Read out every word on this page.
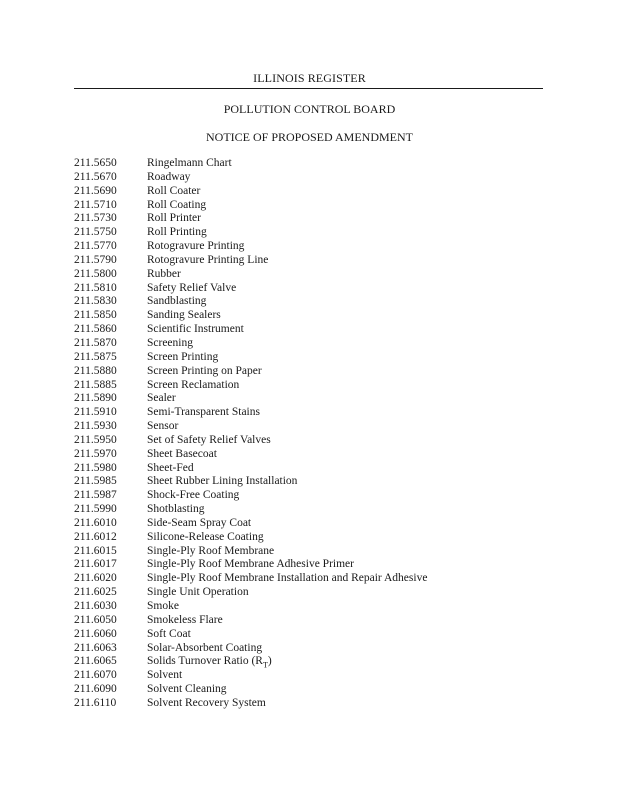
ILLINOIS REGISTER
POLLUTION CONTROL BOARD
NOTICE OF PROPOSED AMENDMENT
211.5650	Ringelmann Chart
211.5670	Roadway
211.5690	Roll Coater
211.5710	Roll Coating
211.5730	Roll Printer
211.5750	Roll Printing
211.5770	Rotogravure Printing
211.5790	Rotogravure Printing Line
211.5800	Rubber
211.5810	Safety Relief Valve
211.5830	Sandblasting
211.5850	Sanding Sealers
211.5860	Scientific Instrument
211.5870	Screening
211.5875	Screen Printing
211.5880	Screen Printing on Paper
211.5885	Screen Reclamation
211.5890	Sealer
211.5910	Semi-Transparent Stains
211.5930	Sensor
211.5950	Set of Safety Relief Valves
211.5970	Sheet Basecoat
211.5980	Sheet-Fed
211.5985	Sheet Rubber Lining Installation
211.5987	Shock-Free Coating
211.5990	Shotblasting
211.6010	Side-Seam Spray Coat
211.6012	Silicone-Release Coating
211.6015	Single-Ply Roof Membrane
211.6017	Single-Ply Roof Membrane Adhesive Primer
211.6020	Single-Ply Roof Membrane Installation and Repair Adhesive
211.6025	Single Unit Operation
211.6030	Smoke
211.6050	Smokeless Flare
211.6060	Soft Coat
211.6063	Solar-Absorbent Coating
211.6065	Solids Turnover Ratio $(R_T)$
211.6070	Solvent
211.6090	Solvent Cleaning
211.6110	Solvent Recovery System
